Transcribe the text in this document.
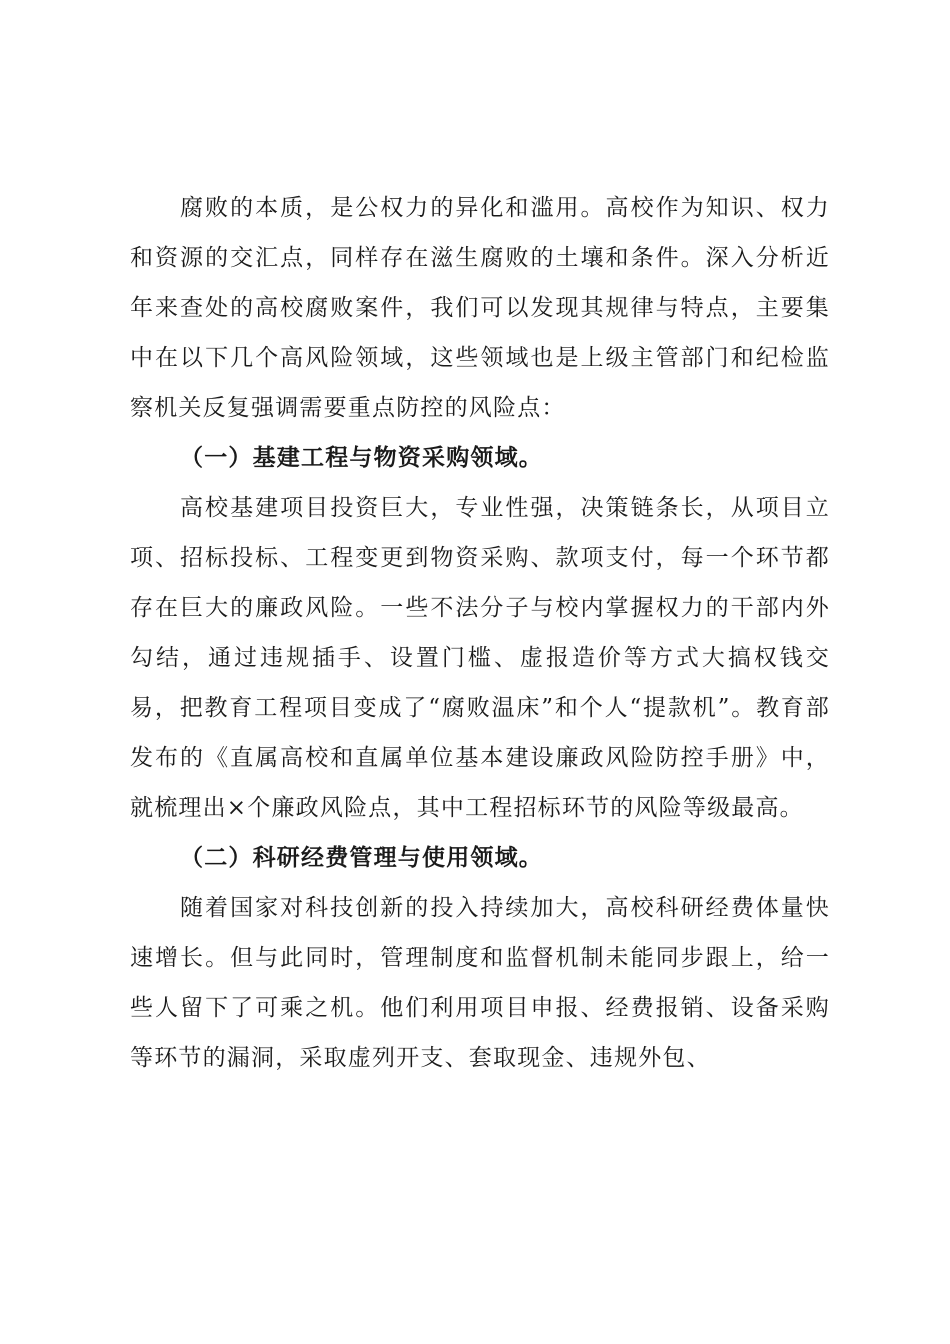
腐败的本质，是公权力的异化和滥用。高校作为知识、权力和资源的交汇点，同样存在滋生腐败的土壤和条件。深入分析近年来查处的高校腐败案件，我们可以发现其规律与特点，主要集中在以下几个高风险领域，这些领域也是上级主管部门和纪检监察机关反复强调需要重点防控的风险点：

（一）基建工程与物资采购领域。

高校基建项目投资巨大，专业性强，决策链条长，从项目立项、招标投标、工程变更到物资采购、款项支付，每一个环节都存在巨大的廉政风险。一些不法分子与校内掌握权力的干部内外勾结，通过违规插手、设置门槛、虚报造价等方式大搞权钱交易，把教育工程项目变成了“腐败温床”和个人“提款机”。教育部发布的《直属高校和直属单位基本建设廉政风险防控手册》中，就梳理出×个廉政风险点，其中工程招标环节的风险等级最高。

（二）科研经费管理与使用领域。

随着国家对科技创新的投入持续加大，高校科研经费体量快速增长。但与此同时，管理制度和监督机制未能同步跟上，给一些人留下了可乘之机。他们利用项目申报、经费报销、设备采购等环节的漏洞，采取虚列开支、套取现金、违规外包、
